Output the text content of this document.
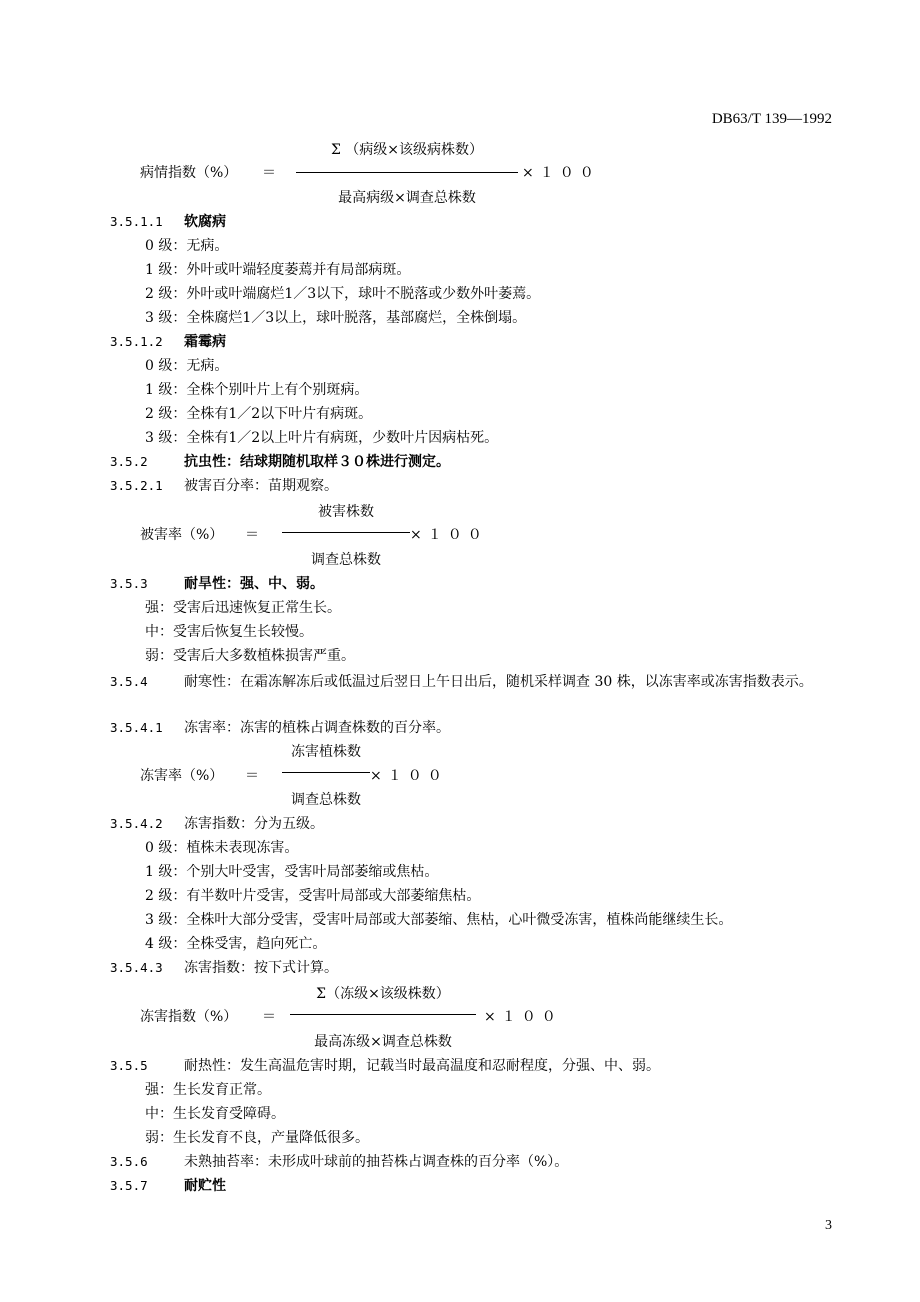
DB63/T 139—1992
病情指数（%） ＝
Σ （病级×该级病株数）
最高病级×调查总株数
×１００
3.5.1.1 软腐病
0 级：无病。
1 级：外叶或叶端轻度萎蔫并有局部病斑。
2 级：外叶或叶端腐烂1／3以下，球叶不脱落或少数外叶萎蔫。
3 级：全株腐烂1／3以上，球叶脱落，基部腐烂，全株倒塌。
3.5.1.2 霜霉病
0 级：无病。
1 级：全株个别叶片上有个别斑病。
2 级：全株有1／2以下叶片有病斑。
3 级：全株有1／2以上叶片有病斑，少数叶片因病枯死。
3.5.2	抗虫性：结球期随机取样３０株进行测定。
3.5.2.1 被害百分率：苗期观察。
被害率（%） ＝
被害株数
调查总株数
×１００
3.5.3	耐旱性：强、中、弱。
强：受害后迅速恢复正常生长。
中：受害后恢复生长较慢。
弱：受害后大多数植株损害严重。
3.5.4	耐寒性：在霜冻解冻后或低温过后翌日上午日出后，随机采样调查 30 株，以冻害率或冻害指数表示。
3.5.4.1 冻害率：冻害的植株占调查株数的百分率。
冻害率（%） ＝
冻害植株数
调查总株数
×１００
3.5.4.2 冻害指数：分为五级。
0 级：植株未表现冻害。
1 级：个别大叶受害，受害叶局部萎缩或焦枯。
2 级：有半数叶片受害，受害叶局部或大部萎缩焦枯。
3 级：全株叶大部分受害，受害叶局部或大部萎缩、焦枯，心叶微受冻害，植株尚能继续生长。
4 级：全株受害，趋向死亡。
3.5.4.3 冻害指数：按下式计算。
冻害指数（%） ＝
Σ（冻级×该级株数）
最高冻级×调查总株数
×１００
3.5.5	耐热性：发生高温危害时期，记载当时最高温度和忍耐程度，分强、中、弱。
强：生长发育正常。
中：生长发育受障碍。
弱：生长发育不良，产量降低很多。
3.5.6	未熟抽苔率：未形成叶球前的抽苔株占调查株的百分率（%）。
3.5.7	耐贮性
3
